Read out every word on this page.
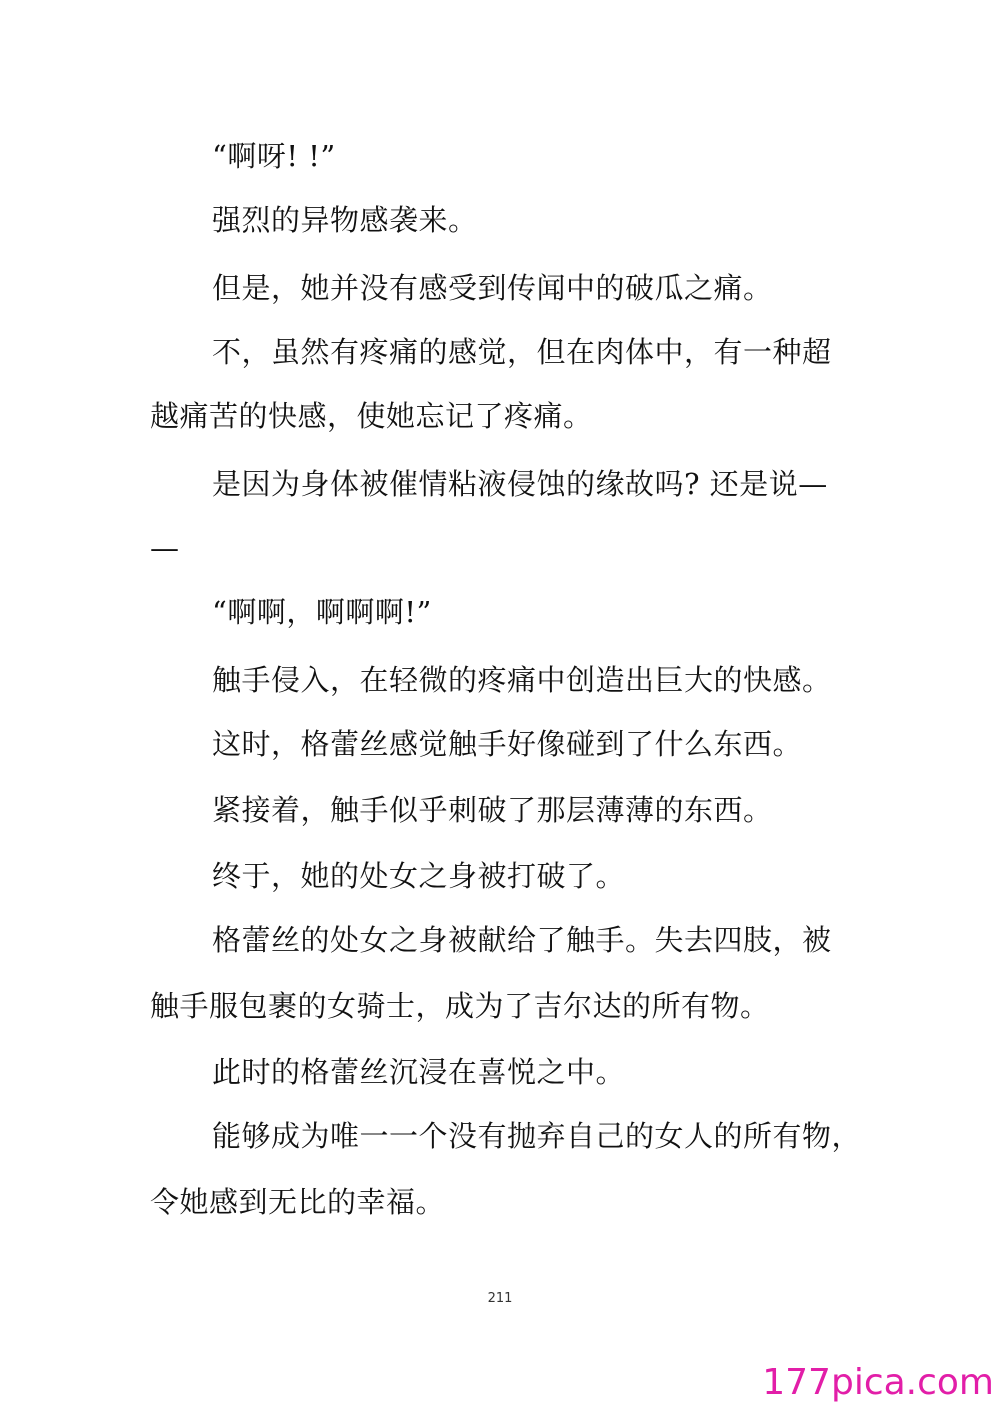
“啊呀! !”
强烈的异物感袭来。
但是，她并没有感受到传闻中的破瓜之痛。
不，虽然有疼痛的感觉，但在肉体中，有一种超
越痛苦的快感，使她忘记了疼痛。
是因为身体被催情粘液侵蚀的缘故吗? 还是说—
—
“啊啊，啊啊啊!”
触手侵入，在轻微的疼痛中创造出巨大的快感。
这时，格蕾丝感觉触手好像碰到了什么东西。
紧接着，触手似乎刺破了那层薄薄的东西。
终于，她的处女之身被打破了。
格蕾丝的处女之身被献给了触手。失去四肢，被
触手服包裹的女骑士，成为了吉尔达的所有物。
此时的格蕾丝沉浸在喜悦之中。
能够成为唯一一个没有抛弃自己的女人的所有物，
令她感到无比的幸福。
211
177pica.com
